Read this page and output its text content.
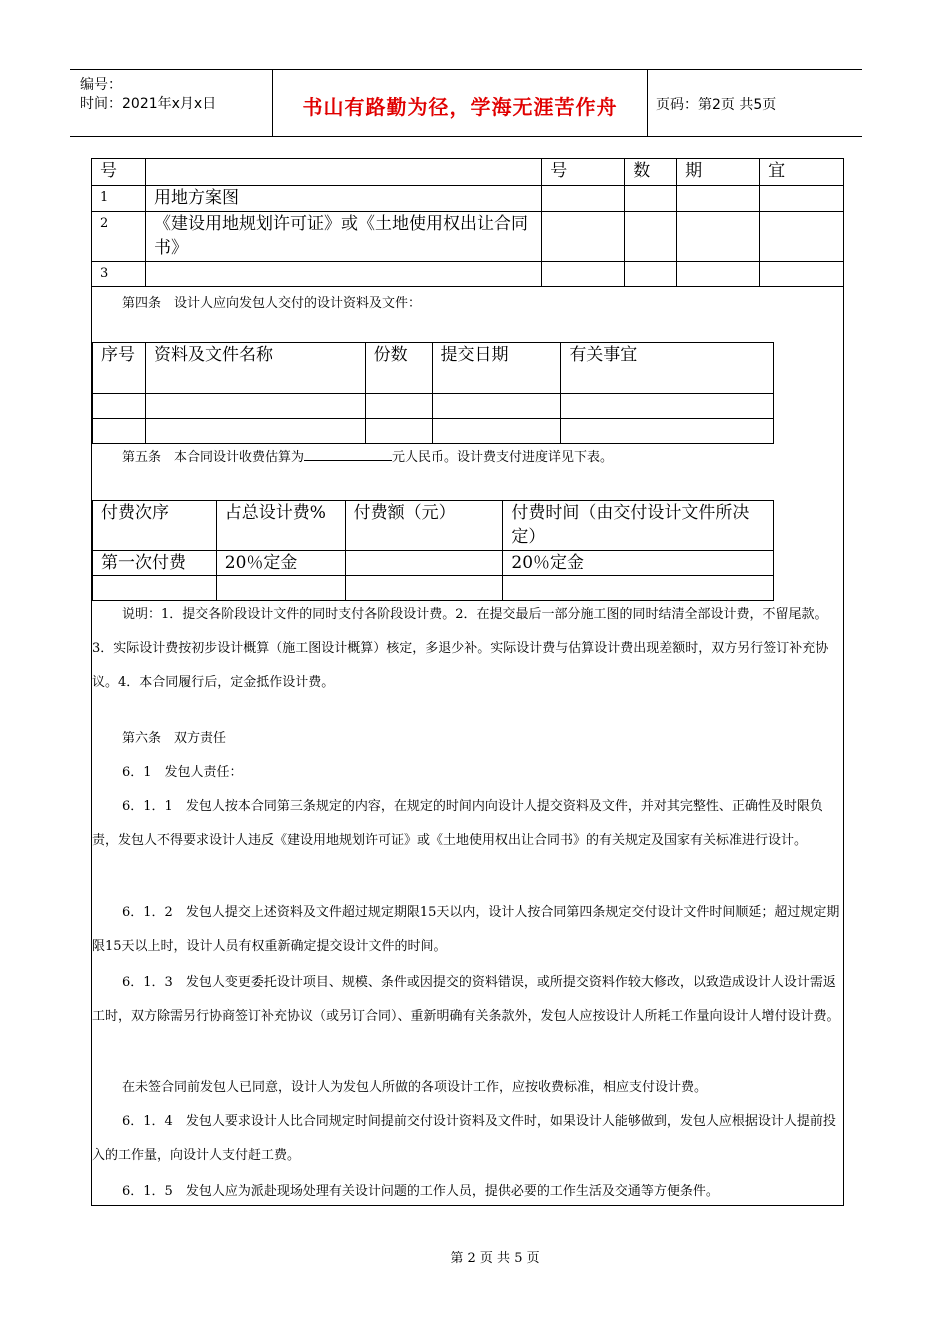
编号：
时间：2021年x月x日	书山有路勤为径，学海无涯苦作舟	页码：第2页 共5页
号		号	数	期	宜
1	用地方案图				
2	《建设用地规划许可证》或《土地使用权出让合同书》				
3					
第四条　设计人应向发包人交付的设计资料及文件：
序号	资料及文件名称	份数	提交日期	有关事宜

第五条　本合同设计收费估算为	元人民币。设计费支付进度详见下表。
付费次序	占总设计费%	付费额（元）	付费时间（由交付设计文件所决定）
第一次付费	20％定金		20％定金

说明：1．提交各阶段设计文件的同时支付各阶段设计费。2．在提交最后一部分施工图的同时结清全部设计费，不留尾款。3．实际设计费按初步设计概算（施工图设计概算）核定，多退少补。实际设计费与估算设计费出现差额时，双方另行签订补充协议。4．本合同履行后，定金抵作设计费。
第六条　双方责任
6．1　发包人责任：
6．1．1　发包人按本合同第三条规定的内容，在规定的时间内向设计人提交资料及文件，并对其完整性、正确性及时限负责，发包人不得要求设计人违反《建设用地规划许可证》或《土地使用权出让合同书》的有关规定及国家有关标准进行设计。
6．1．2　发包人提交上述资料及文件超过规定期限15天以内，设计人按合同第四条规定交付设计文件时间顺延；超过规定期限15天以上时，设计人员有权重新确定提交设计文件的时间。
6．1．3　发包人变更委托设计项目、规模、条件或因提交的资料错误，或所提交资料作较大修改，以致造成设计人设计需返工时，双方除需另行协商签订补充协议（或另订合同）、重新明确有关条款外，发包人应按设计人所耗工作量向设计人增付设计费。
在未签合同前发包人已同意，设计人为发包人所做的各项设计工作，应按收费标准，相应支付设计费。
6．1．4　发包人要求设计人比合同规定时间提前交付设计资料及文件时，如果设计人能够做到，发包人应根据设计人提前投入的工作量，向设计人支付赶工费。
6．1．5　发包人应为派赴现场处理有关设计问题的工作人员，提供必要的工作生活及交通等方便条件。
第 2 页 共 5 页
